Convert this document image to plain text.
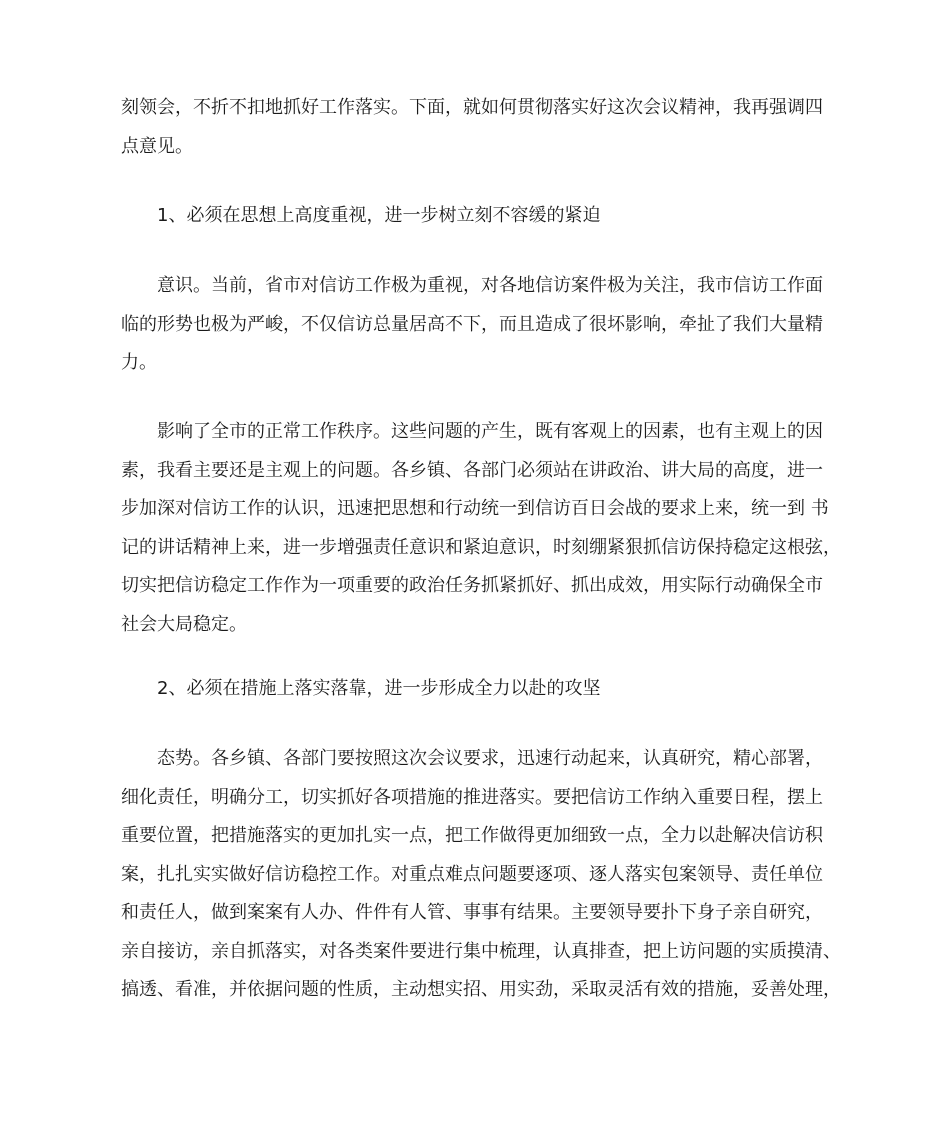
刻领会，不折不扣地抓好工作落实。下面，就如何贯彻落实好这次会议精神，我再强调四
点意见。

1、必须在思想上高度重视，进一步树立刻不容缓的紧迫

意识。当前，省市对信访工作极为重视，对各地信访案件极为关注，我市信访工作面
临的形势也极为严峻，不仅信访总量居高不下，而且造成了很坏影响，牵扯了我们大量精
力。

影响了全市的正常工作秩序。这些问题的产生，既有客观上的因素，也有主观上的因
素，我看主要还是主观上的问题。各乡镇、各部门必须站在讲政治、讲大局的高度，进一
步加深对信访工作的认识，迅速把思想和行动统一到信访百日会战的要求上来，统一到 书
记的讲话精神上来，进一步增强责任意识和紧迫意识，时刻绷紧狠抓信访保持稳定这根弦，
切实把信访稳定工作作为一项重要的政治任务抓紧抓好、抓出成效，用实际行动确保全市
社会大局稳定。

2、必须在措施上落实落靠，进一步形成全力以赴的攻坚

态势。各乡镇、各部门要按照这次会议要求，迅速行动起来，认真研究，精心部署，
细化责任，明确分工，切实抓好各项措施的推进落实。要把信访工作纳入重要日程，摆上
重要位置，把措施落实的更加扎实一点，把工作做得更加细致一点，全力以赴解决信访积
案，扎扎实实做好信访稳控工作。对重点难点问题要逐项、逐人落实包案领导、责任单位
和责任人，做到案案有人办、件件有人管、事事有结果。主要领导要扑下身子亲自研究，
亲自接访，亲自抓落实，对各类案件要进行集中梳理，认真排查，把上访问题的实质摸清、
搞透、看准，并依据问题的性质，主动想实招、用实劲，采取灵活有效的措施，妥善处理，
